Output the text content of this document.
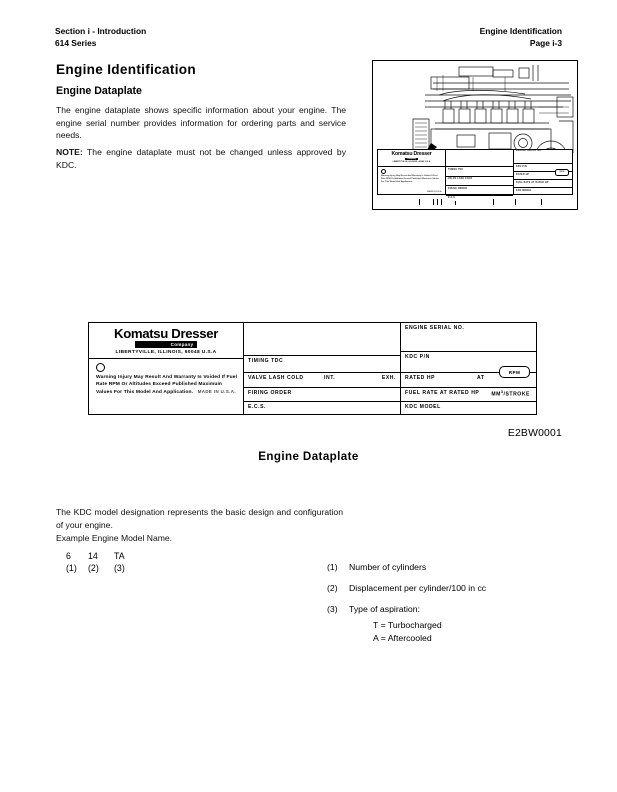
Section i - Introduction
614 Series
Engine Identification
Page i-3
Engine Identification
Engine Dataplate
The engine dataplate shows specific information about your engine. The engine serial number provides information for ordering parts and service needs.
NOTE: The engine dataplate must not be changed unless approved by KDC.
Komatsu Dresser
Company
LIBERTYVILLE, ILLINOIS, 60048 U.S.A
Warning Injury May Result And Warranty Is Voided If Fuel Rate RPM Or Altitudes Exceed Published Maximum Values For This Model And Application.
MADE IN U.S.A.
TIMING TDC
VALVE LASH COLD
FIRING ORDER
E.C.S.
ENGINE SERIAL NO.
KDC P/N
RATED HP
RPM
FUEL RATE AT RATED HP
KDC MODEL
Komatsu Dresser
Company
LIBERTYVILLE, ILLINOIS, 60048 U.S.A
Warning Injury May Result And Warranty Is Voided If Fuel Rate RPM Or Altitudes Exceed Published Maximum Values For This Model And Application.	MADE IN U.S.A.
TIMING TDC
VALVE LASH COLD	INT.	EXH.
FIRING ORDER
E.C.S.
ENGINE SERIAL NO.
KDC P/N
RATED HP	AT
RPM
FUEL RATE AT RATED HP $MM^3$/STROKE
KDC MODEL
E2BW0001
Engine Dataplate
The KDC model designation represents the basic design and configuration of your engine.
Example Engine Model Name.
6 14 TA
(1) (2) (3)	(1)	Number of cylinders
(2)	Displacement per cylinder/100 in cc
(3)	Type of aspiration:
T = Turbocharged
A = Aftercooled
